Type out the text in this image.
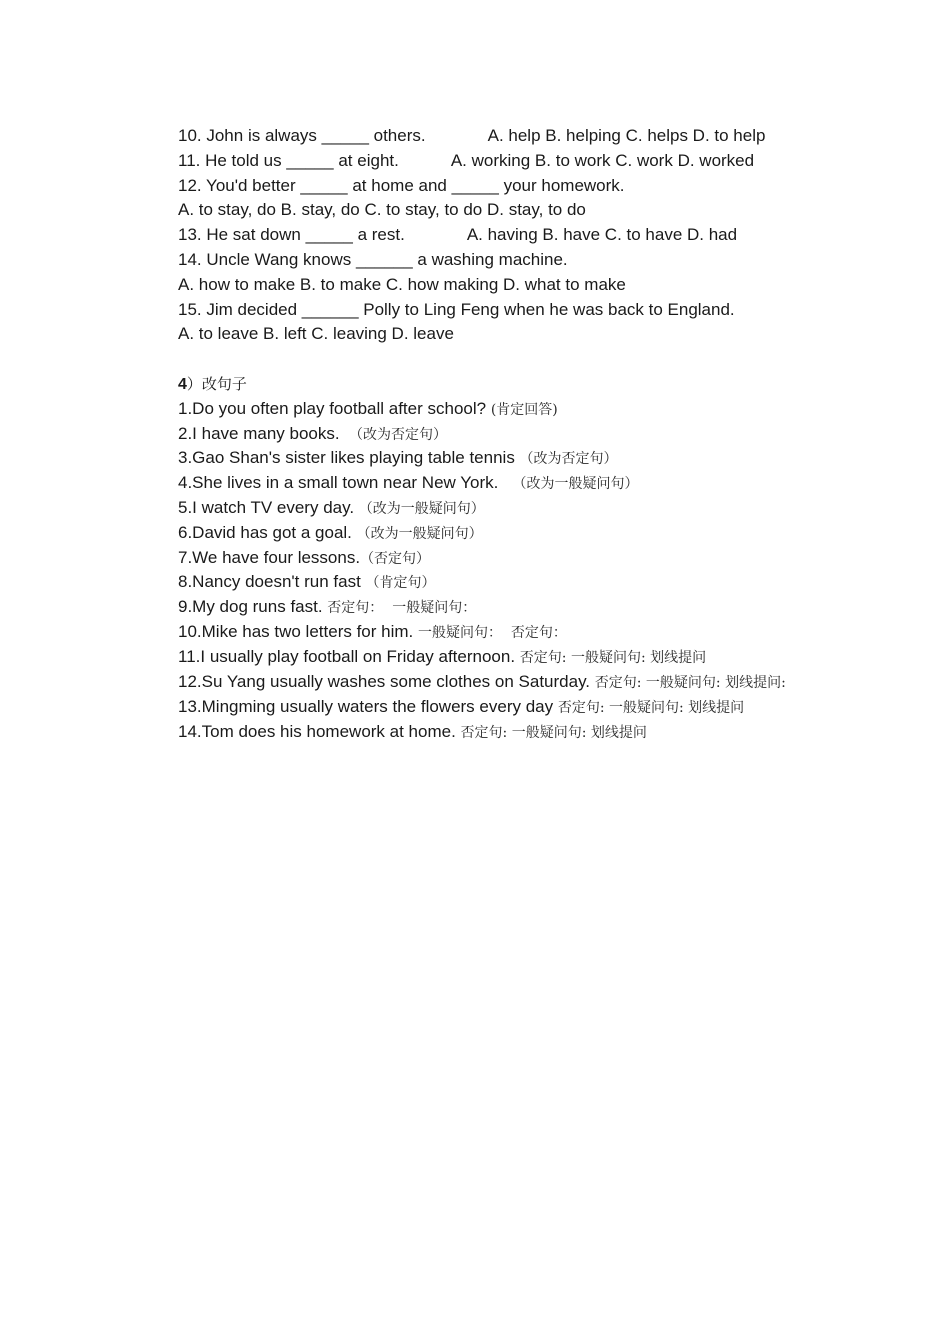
10. John is always _____ others.	A. help B. helping C. helps D. to help
11. He told us _____ at eight.	A. working B. to work C. work D. worked
12. You'd better _____ at home and _____ your homework.
A. to stay, do B. stay, do C. to stay, to do D. stay, to do
13. He sat down _____ a rest.	A. having B. have C. to have D. had
14. Uncle Wang knows ______ a washing machine.
A. how to make B. to make C. how making D. what to make
15. Jim decided ______ Polly to Ling Feng when he was back to England.
A. to leave B. left C. leaving D. leave
4）改句子
1.Do you often play football after school? (肯定回答)
2.I have many books.  （改为否定句）
3.Gao Shan's sister likes playing table tennis （改为否定句）
4.She lives in a small town near New York.   （改为一般疑问句）
5.I watch TV every day. （改为一般疑问句）
6.David has got a goal. （改为一般疑问句）
7.We have four lessons.（否定句）
8.Nancy doesn't run fast （肯定句）
9.My dog runs fast. 否定句：  一般疑问句：
10.Mike has two letters for him. 一般疑问句：  否定句：
11.I usually play football on Friday afternoon. 否定句: 一般疑问句: 划线提问
12.Su Yang usually washes some clothes on Saturday. 否定句: 一般疑问句: 划线提问:
13.Mingming usually waters the flowers every day 否定句: 一般疑问句: 划线提问
14.Tom does his homework at home. 否定句: 一般疑问句: 划线提问
